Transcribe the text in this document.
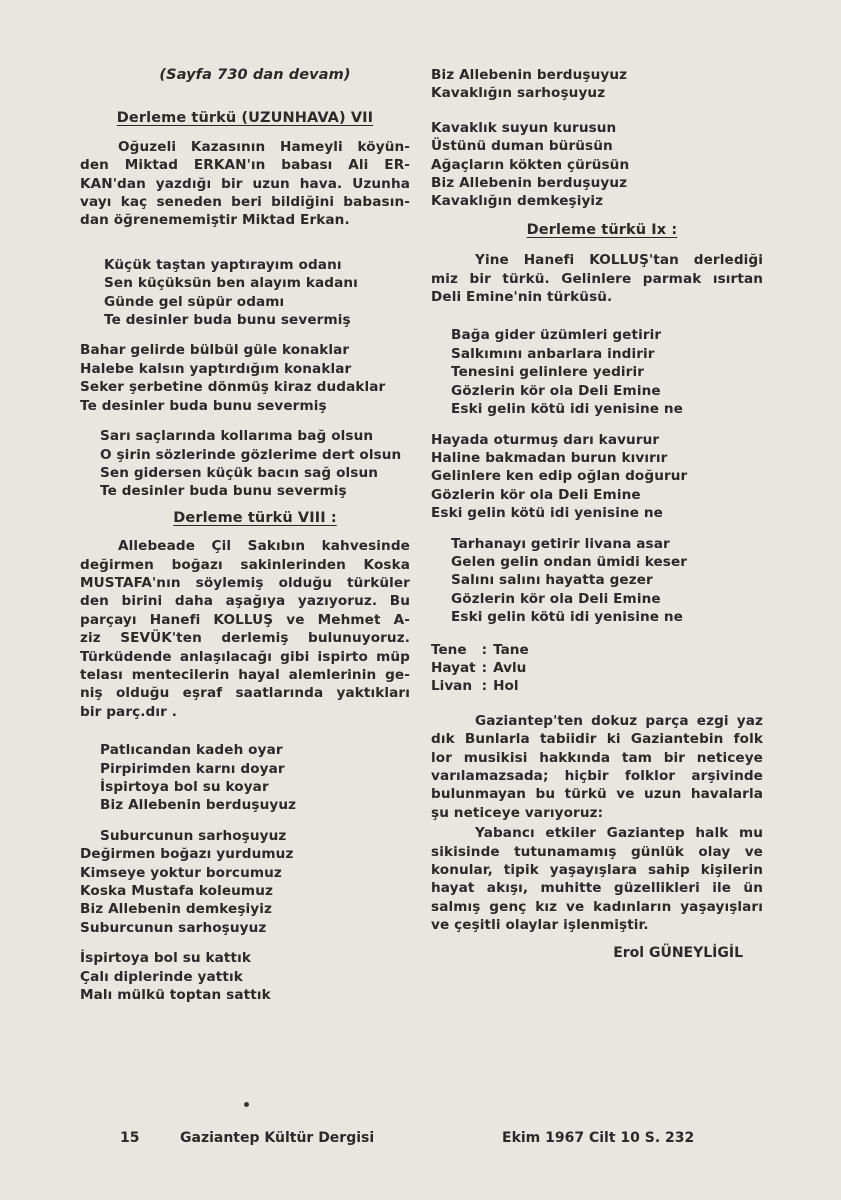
(Sayfa 730 dan devam)
Derleme türkü (UZUNHAVA) VII
Oğuzeli Kazasının Hameyli köyün-
den Miktad ERKAN'ın babası Ali ER-
KAN'dan yazdığı bir uzun hava. Uzunha
vayı kaç seneden beri bildiğini babasın-
dan öğrenememiştir Miktad Erkan.
Küçük taştan yaptırayım odanı
Sen küçüksün ben alayım kadanı
Günde gel süpür odamı
Te desinler buda bunu severmiş
Bahar gelirde bülbül güle konaklar
Halebe kalsın yaptırdığım konaklar
Seker şerbetine dönmüş kiraz dudaklar
Te desinler buda bunu severmiş
Sarı saçlarında kollarıma bağ olsun
O şirin sözlerinde gözlerime dert olsun
Sen gidersen küçük bacın sağ olsun
Te desinler buda bunu severmiş
Derleme türkü VIII :
Allebeade Çil Sakıbın kahvesinde
değirmen boğazı sakinlerinden Koska
MUSTAFA'nın söylemiş olduğu türküler
den birini daha aşağıya yazıyoruz. Bu
parçayı Hanefi KOLLUŞ ve Mehmet A-
ziz SEVÜK'ten derlemiş bulunuyoruz.
Türküdende anlaşılacağı gibi ispirto müp
telası mentecilerin hayal alemlerinin ge-
niş olduğu eşraf saatlarında yaktıkları
bir parç.dır .
Patlıcandan kadeh oyar
Pirpirimden karnı doyar
İspirtoya bol su koyar
Biz Allebenin berduşuyuz
Suburcunun sarhoşuyuz
Değirmen boğazı yurdumuz
Kimseye yoktur borcumuz
Koska Mustafa koleumuz
Biz Allebenin demkeşiyiz
Suburcunun sarhoşuyuz
İspirtoya bol su kattık
Çalı diplerinde yattık
Malı mülkü toptan sattık
Biz Allebenin berduşuyuz
Kavaklığın sarhoşuyuz
Kavaklık suyun kurusun
Üstünü duman bürüsün
Ağaçların kökten çürüsün
Biz Allebenin berduşuyuz
Kavaklığın demkeşiyiz
Derleme türkü Ix :
Yine Hanefi KOLLUŞ'tan derlediği
miz bir türkü. Gelinlere parmak ısırtan
Deli Emine'nin türküsü.
Bağa gider üzümleri getirir
Salkımını anbarlara indirir
Tenesini gelinlere yedirir
Gözlerin kör ola Deli Emine
Eski gelin kötü idi yenisine ne
Hayada oturmuş darı kavurur
Haline bakmadan burun kıvırır
Gelinlere ken edip oğlan doğurur
Gözlerin kör ola Deli Emine
Eski gelin kötü idi yenisine ne
Tarhanayı getirir livana asar
Gelen gelin ondan ümidi keser
Salını salını hayatta gezer
Gözlerin kör ola Deli Emine
Eski gelin kötü idi yenisine ne
Tene	:	Tane
Hayat	:	Avlu
Livan	:	Hol
Gaziantep'ten dokuz parça ezgi yaz
dık Bunlarla tabiidir ki Gaziantebin folk
lor musikisi hakkında tam bir neticeye
varılamazsada; hiçbir folklor arşivinde
bulunmayan bu türkü ve uzun havalarla
şu neticeye varıyoruz:
Yabancı etkiler Gaziantep halk mu
sikisinde tutunamamış günlük olay ve
konular, tipik yaşayışlara sahip kişilerin
hayat akışı, muhitte güzellikleri ile ün
salmış genç kız ve kadınların yaşayışları
ve çeşitli olaylar işlenmiştir.
Erol GÜNEYLİGİL
15	Gaziantep Kültür Dergisi	Ekim 1967 Cilt 10 S. 232
